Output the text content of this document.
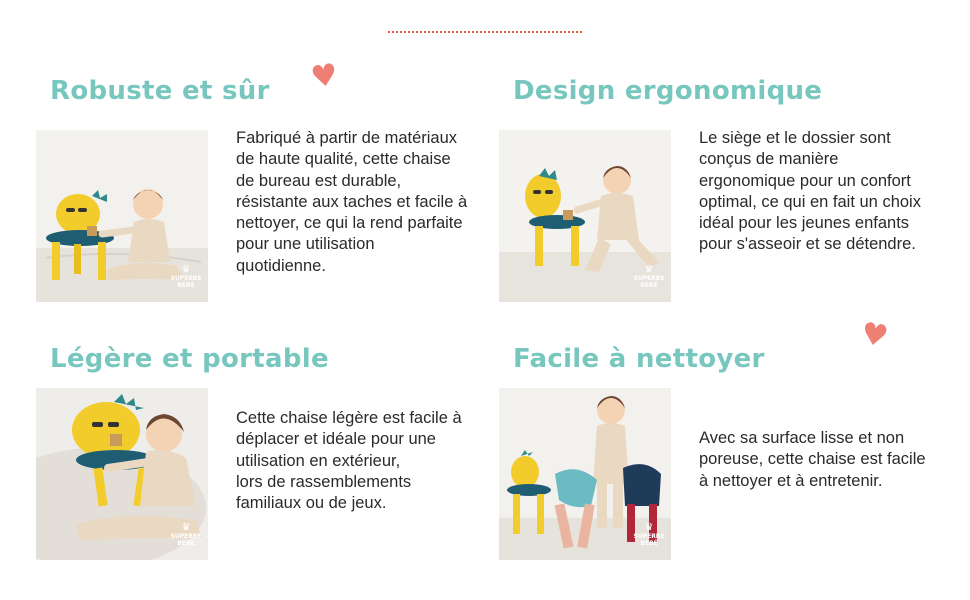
♥
♥
Robuste et sûr
♛
SUPERBE
BÉBÉ

Fabriqué à partir de matériaux de haute qualité, cette chaise de bureau est durable, résistante aux taches et facile à nettoyer, ce qui la rend parfaite pour une utilisation quotidienne.

Design ergonomique
♛
SUPERBE
BÉBÉ

Le siège et le dossier sont conçus de manière ergonomique pour un confort optimal, ce qui en fait un choix idéal pour les jeunes enfants pour s'asseoir et se détendre.

Légère et portable
♛
SUPERBE
BÉBÉ

Cette chaise légère est facile à déplacer et idéale pour une utilisation en extérieur,
lors de rassemblements familiaux ou de jeux.

Facile à nettoyer
♛
SUPERBE
BÉBÉ

Avec sa surface lisse et non poreuse, cette chaise est facile à nettoyer et à entretenir.
